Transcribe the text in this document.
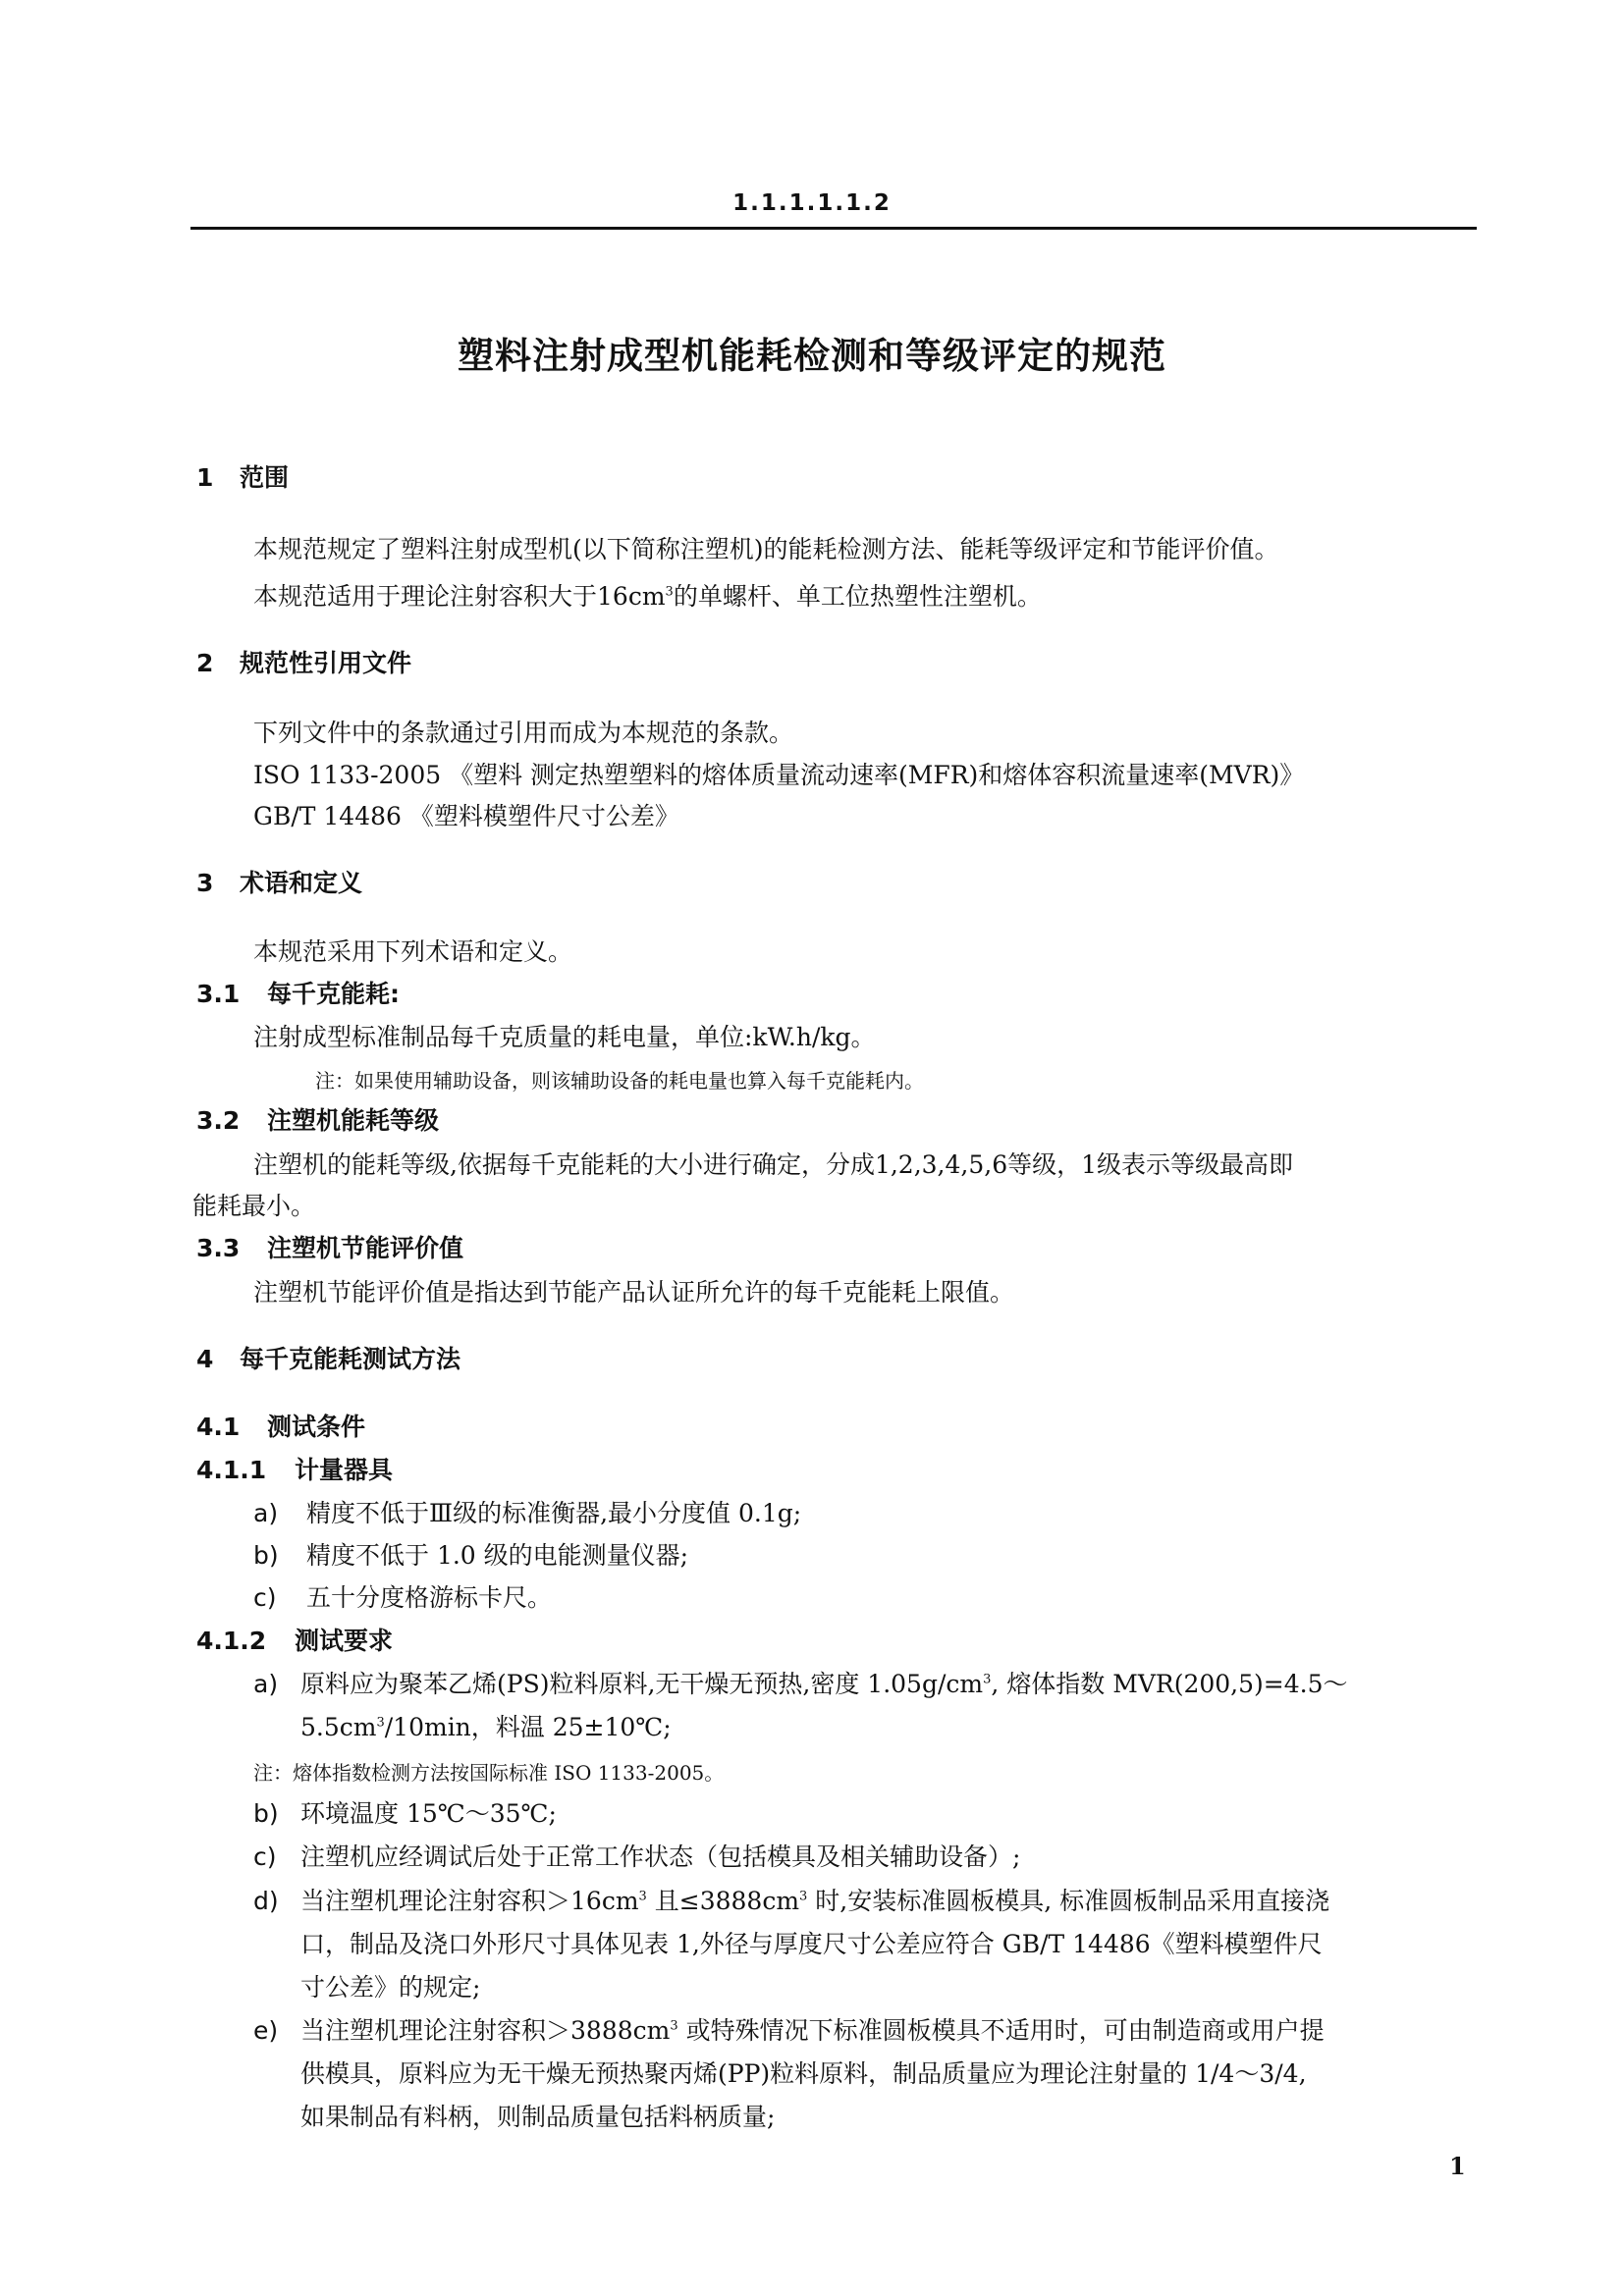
1.1.1.1.1.2
塑料注射成型机能耗检测和等级评定的规范
1 范围
本规范规定了塑料注射成型机(以下简称注塑机)的能耗检测方法、能耗等级评定和节能评价值。
本规范适用于理论注射容积大于$16cm^3$的单螺杆、单工位热塑性注塑机。
2 规范性引用文件
下列文件中的条款通过引用而成为本规范的条款。
ISO 1133-2005 《塑料 测定热塑塑料的熔体质量流动速率(MFR)和熔体容积流量速率(MVR)》
GB/T 14486 《塑料模塑件尺寸公差》
3 术语和定义
本规范采用下列术语和定义。
3.1 每千克能耗:
注射成型标准制品每千克质量的耗电量，单位:kW.h/kg。
注：如果使用辅助设备，则该辅助设备的耗电量也算入每千克能耗内。
3.2 注塑机能耗等级
注塑机的能耗等级,依据每千克能耗的大小进行确定，分成1,2,3,4,5,6等级，1级表示等级最高即
能耗最小。
3.3 注塑机节能评价值
注塑机节能评价值是指达到节能产品认证所允许的每千克能耗上限值。
4 每千克能耗测试方法
4.1 测试条件
4.1.1 计量器具
a) 精度不低于Ⅲ级的标准衡器,最小分度值 0.1g;
b) 精度不低于 1.0 级的电能测量仪器;
c) 五十分度格游标卡尺。
4.1.2 测试要求
a) 原料应为聚苯乙烯(PS)粒料原料,无干燥无预热,密度 $1.05g/cm^3$, 熔体指数 MVR(200,5)=4.5～
$5.5cm^3/10\min$，料温 25±10℃;
注：熔体指数检测方法按国际标准 ISO 1133-2005。
b) 环境温度 15℃～35℃;
c) 注塑机应经调试后处于正常工作状态（包括模具及相关辅助设备）;
d) 当注塑机理论注射容积$>16cm^3$ 且$\le 3888cm^3$ 时,安装标准圆板模具, 标准圆板制品采用直接浇
口，制品及浇口外形尺寸具体见表 1,外径与厚度尺寸公差应符合 GB/T 14486《塑料模塑件尺
寸公差》的规定;
e) 当注塑机理论注射容积$>3888cm^3$ 或特殊情况下标准圆板模具不适用时，可由制造商或用户提
供模具，原料应为无干燥无预热聚丙烯(PP)粒料原料，制品质量应为理论注射量的 1/4～3/4,
如果制品有料柄，则制品质量包括料柄质量;
1
